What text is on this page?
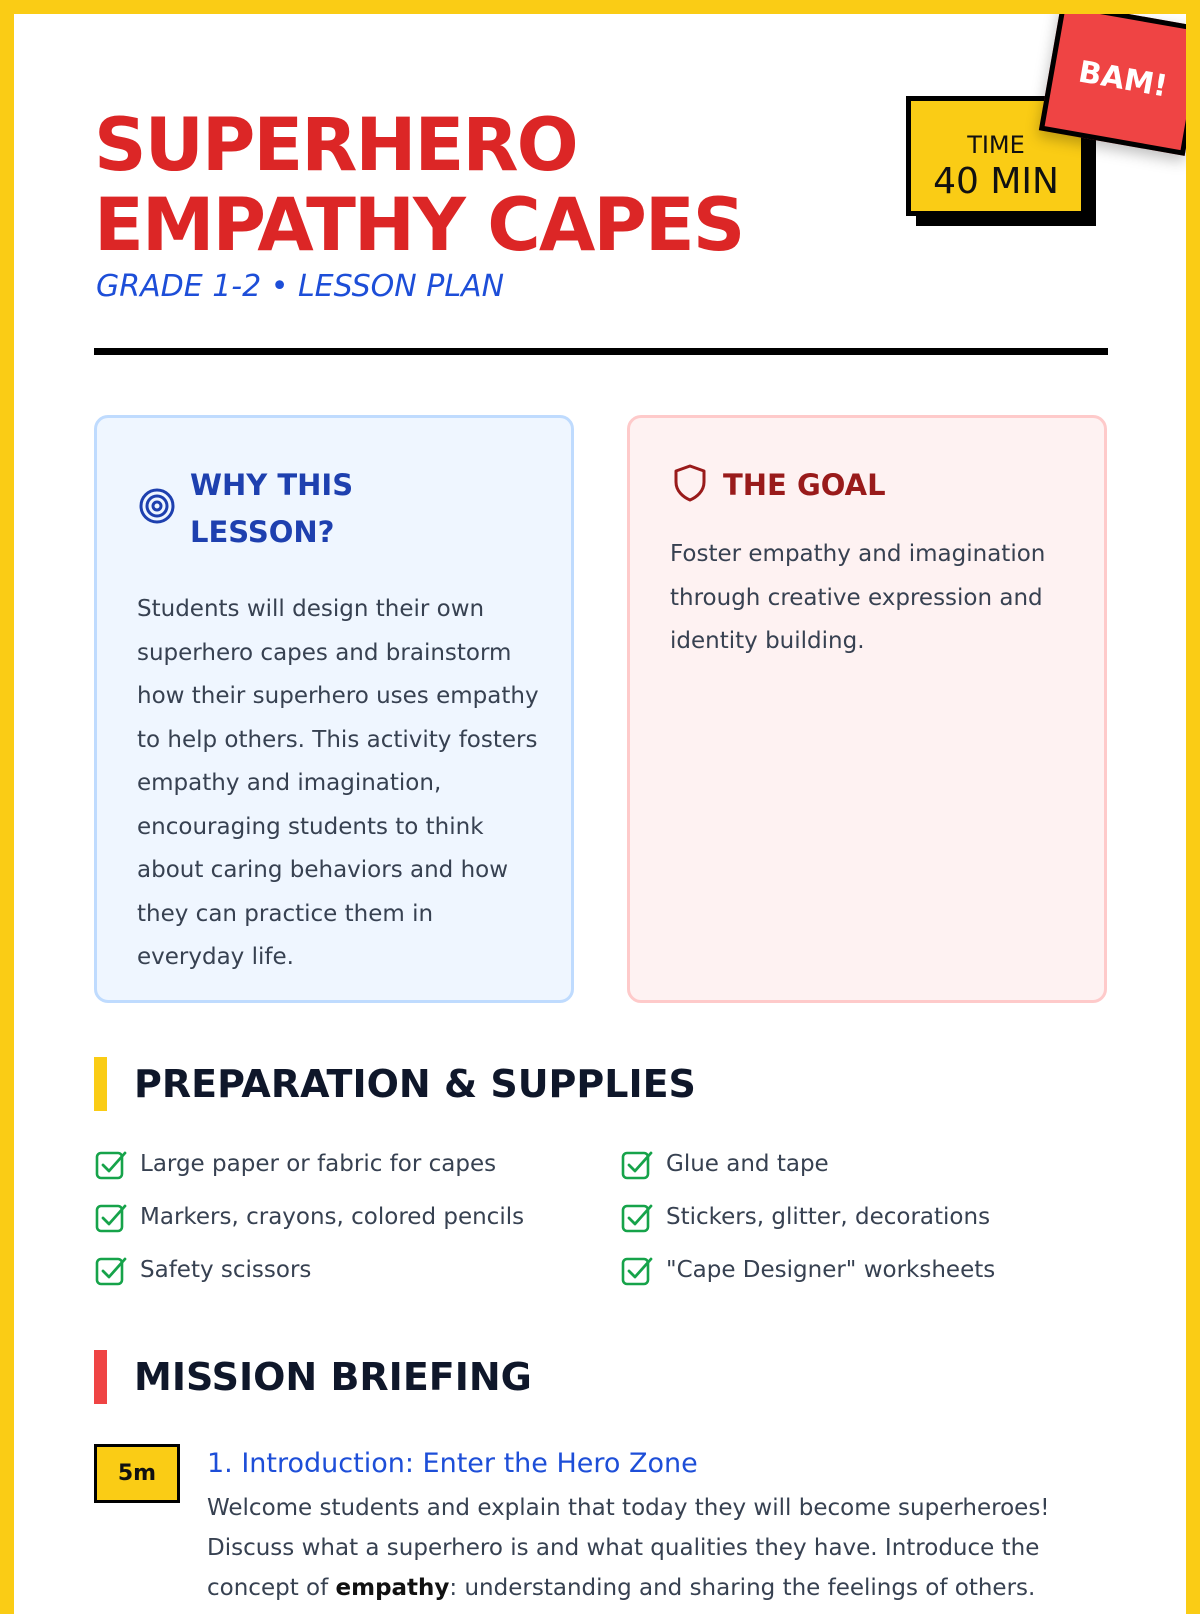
SUPERHERO
EMPATHY CAPES
GRADE 1-2 • LESSON PLAN
TIME
40 MIN
BAM!
WHY THIS LESSON?

Students will design their own superhero capes and brainstorm how their superhero uses empathy to help others. This activity fosters empathy and imagination, encouraging students to think about caring behaviors and how they can practice them in everyday life.

THE GOAL

Foster empathy and imagination through creative expression and identity building.

PREPARATION & SUPPLIES
Large paper or fabric for capes	Glue and tape
Markers, crayons, colored pencils	Stickers, glitter, decorations
Safety scissors	"Cape Designer" worksheets
MISSION BRIEFING
5m 1. Introduction: Enter the Hero Zone

Welcome students and explain that today they will become superheroes! Discuss what a superhero is and what qualities they have. Introduce the concept of empathy: understanding and sharing the feelings of others.
